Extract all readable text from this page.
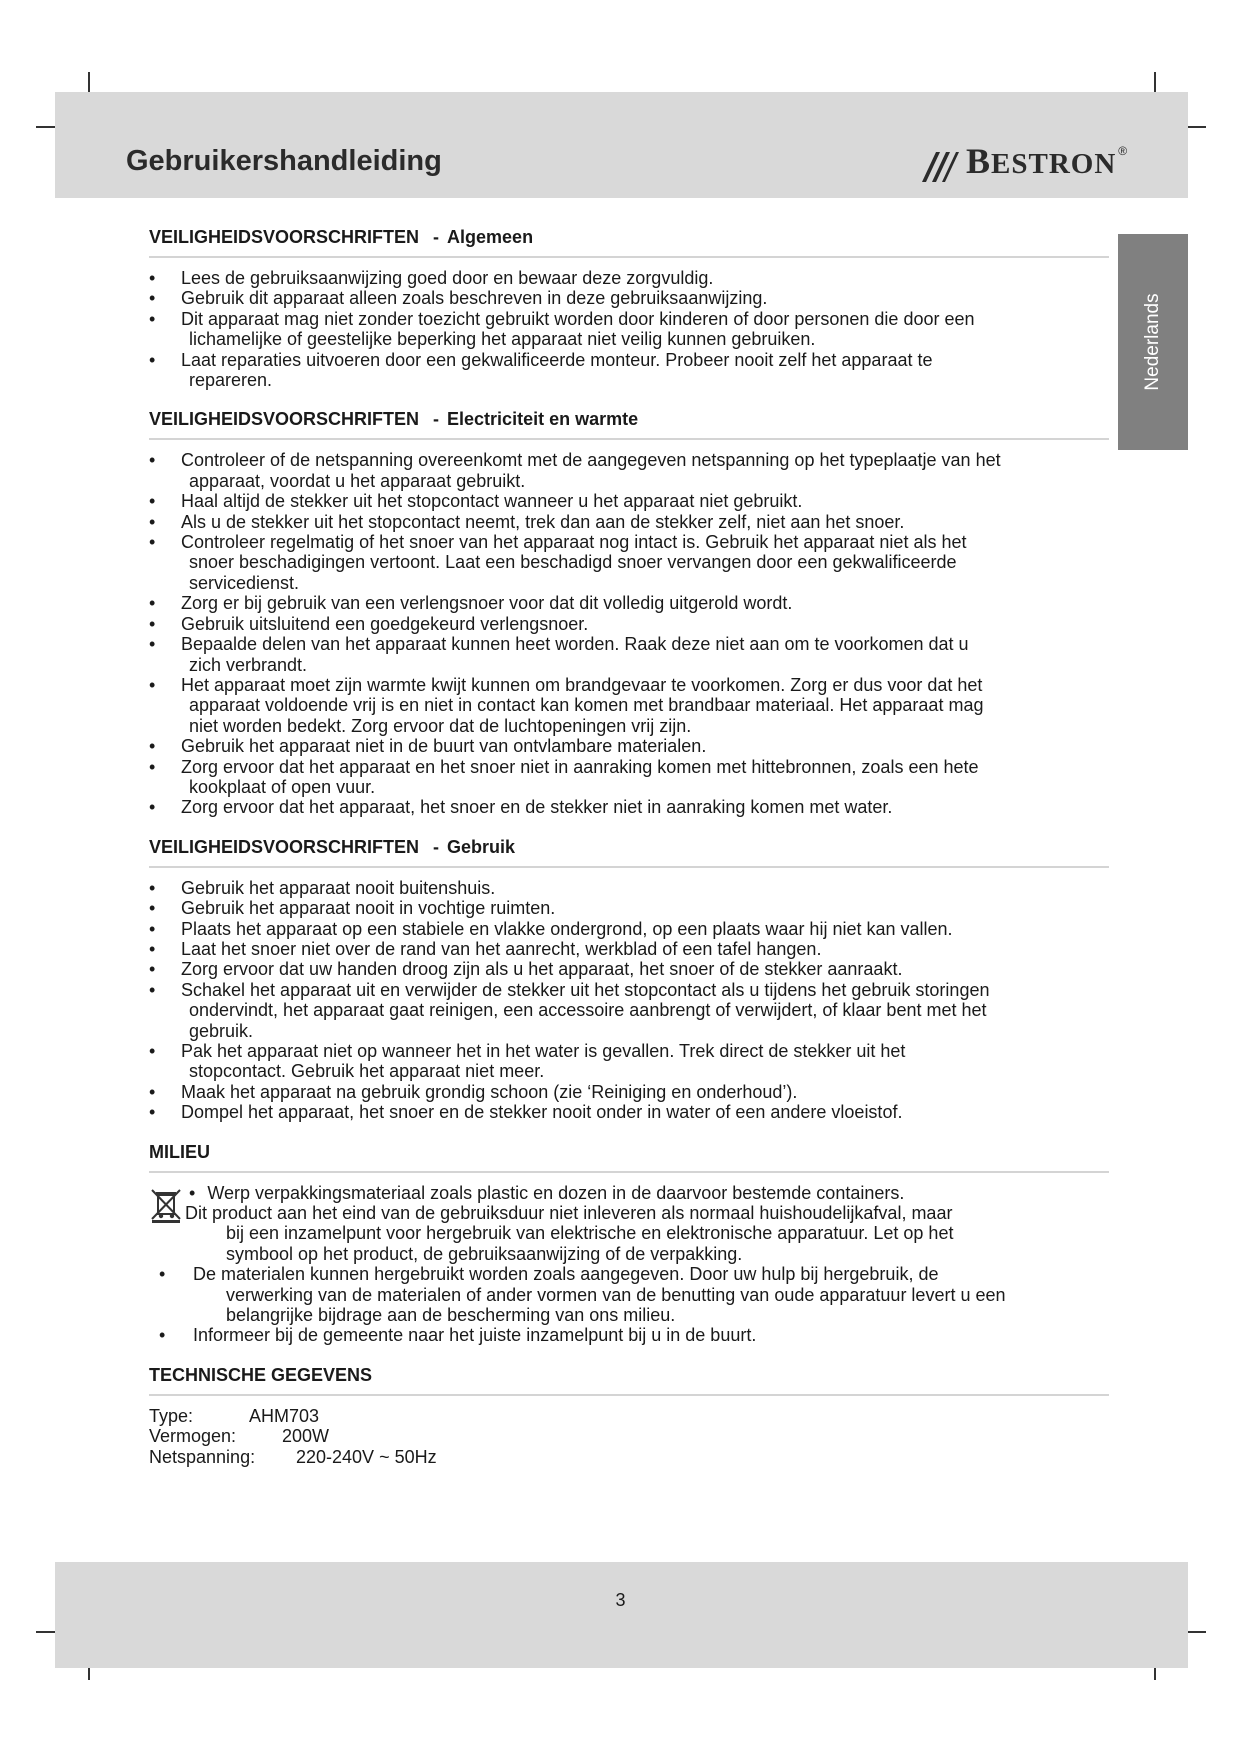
Gebruikershandleiding	BESTRON ®
Nederlands
VEILIGHEIDSVOORSCHRIFTEN - Algemeen
• Lees de gebruiksaanwijzing goed door en bewaar deze zorgvuldig.
• Gebruik dit apparaat alleen zoals beschreven in deze gebruiksaanwijzing.
• Dit apparaat mag niet zonder toezicht gebruikt worden door kinderen of door personen die door een
lichamelijke of geestelijke beperking het apparaat niet veilig kunnen gebruiken.
• Laat reparaties uitvoeren door een gekwalificeerde monteur. Probeer nooit zelf het apparaat te
repareren.
VEILIGHEIDSVOORSCHRIFTEN - Electriciteit en warmte
• Controleer of de netspanning overeenkomt met de aangegeven netspanning op het typeplaatje van het
apparaat, voordat u het apparaat gebruikt.
• Haal altijd de stekker uit het stopcontact wanneer u het apparaat niet gebruikt.
• Als u de stekker uit het stopcontact neemt, trek dan aan de stekker zelf, niet aan het snoer.
• Controleer regelmatig of het snoer van het apparaat nog intact is. Gebruik het apparaat niet als het
snoer beschadigingen vertoont. Laat een beschadigd snoer vervangen door een gekwalificeerde
servicedienst.
• Zorg er bij gebruik van een verlengsnoer voor dat dit volledig uitgerold wordt.
• Gebruik uitsluitend een goedgekeurd verlengsnoer.
• Bepaalde delen van het apparaat kunnen heet worden. Raak deze niet aan om te voorkomen dat u
zich verbrandt.
• Het apparaat moet zijn warmte kwijt kunnen om brandgevaar te voorkomen. Zorg er dus voor dat het
apparaat voldoende vrij is en niet in contact kan komen met brandbaar materiaal. Het apparaat mag
niet worden bedekt. Zorg ervoor dat de luchtopeningen vrij zijn.
• Gebruik het apparaat niet in de buurt van ontvlambare materialen.
• Zorg ervoor dat het apparaat en het snoer niet in aanraking komen met hittebronnen, zoals een hete
kookplaat of open vuur.
• Zorg ervoor dat het apparaat, het snoer en de stekker niet in aanraking komen met water.
VEILIGHEIDSVOORSCHRIFTEN - Gebruik
• Gebruik het apparaat nooit buitenshuis.
• Gebruik het apparaat nooit in vochtige ruimten.
• Plaats het apparaat op een stabiele en vlakke ondergrond, op een plaats waar hij niet kan vallen.
• Laat het snoer niet over de rand van het aanrecht, werkblad of een tafel hangen.
• Zorg ervoor dat uw handen droog zijn als u het apparaat, het snoer of de stekker aanraakt.
• Schakel het apparaat uit en verwijder de stekker uit het stopcontact als u tijdens het gebruik storingen
ondervindt, het apparaat gaat reinigen, een accessoire aanbrengt of verwijdert, of klaar bent met het
gebruik.
• Pak het apparaat niet op wanneer het in het water is gevallen. Trek direct de stekker uit het
stopcontact. Gebruik het apparaat niet meer.
• Maak het apparaat na gebruik grondig schoon (zie ‘Reiniging en onderhoud’).
• Dompel het apparaat, het snoer en de stekker nooit onder in water of een andere vloeistof.
MILIEU
• Werp verpakkingsmateriaal zoals plastic en dozen in de daarvoor bestemde containers.
Dit product aan het eind van de gebruiksduur niet inleveren als normaal huishoudelijkafval, maar
bij een inzamelpunt voor hergebruik van elektrische en elektronische apparatuur. Let op het
symbool op het product, de gebruiksaanwijzing of de verpakking.
• De materialen kunnen hergebruikt worden zoals aangegeven. Door uw hulp bij hergebruik, de
verwerking van de materialen of ander vormen van de benutting van oude apparatuur levert u een
belangrijke bijdrage aan de bescherming van ons milieu.
• Informeer bij de gemeente naar het juiste inzamelpunt bij u in de buurt.
TECHNISCHE GEGEVENS
Type:	AHM703
Vermogen:	200W
Netspanning:	220-240V ~ 50Hz
3
